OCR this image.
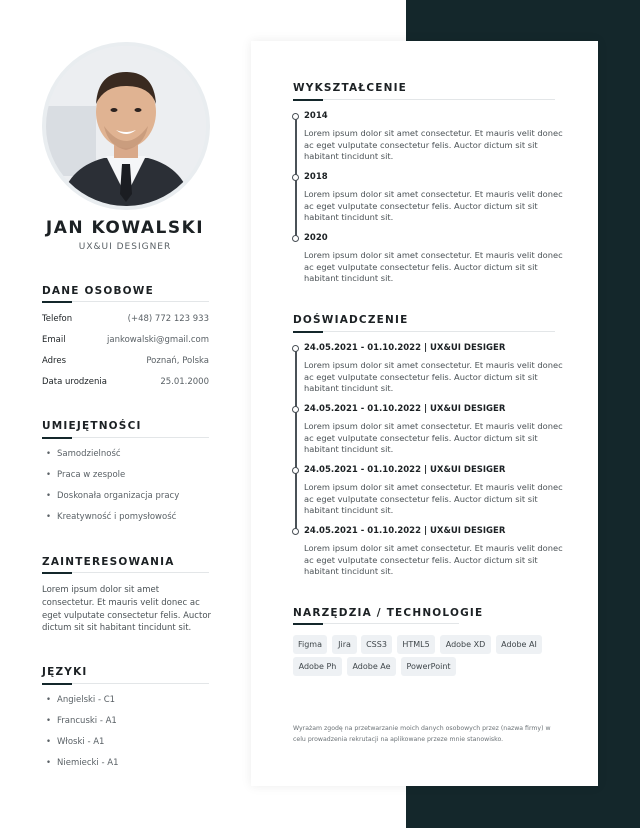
JAN KOWALSKI
UX&UI DESIGNER
DANE OSOBOWE
Telefon	(+48) 772 123 933
Email	jankowalski@gmail.com
Adres	Poznań, Polska
Data urodzenia	25.01.2000
UMIEJĘTNOŚCI
• Samodzielność
• Praca w zespole
• Doskonała organizacja pracy
• Kreatywność i pomysłowość
ZAINTERESOWANIA
Lorem ipsum dolor sit amet consectetur. Et mauris velit donec ac eget vulputate consectetur felis. Auctor dictum sit sit habitant tincidunt sit.
JĘZYKI
• Angielski - C1
• Francuski - A1
• Włoski - A1
• Niemiecki - A1
WYKSZTAŁCENIE
2014
Lorem ipsum dolor sit amet consectetur. Et mauris velit donec ac eget vulputate consectetur felis. Auctor dictum sit sit habitant tincidunt sit.
2018
Lorem ipsum dolor sit amet consectetur. Et mauris velit donec ac eget vulputate consectetur felis. Auctor dictum sit sit habitant tincidunt sit.
2020
Lorem ipsum dolor sit amet consectetur. Et mauris velit donec ac eget vulputate consectetur felis. Auctor dictum sit sit habitant tincidunt sit.
DOŚWIADCZENIE
24.05.2021 - 01.10.2022 | UX&UI DESIGER
Lorem ipsum dolor sit amet consectetur. Et mauris velit donec ac eget vulputate consectetur felis. Auctor dictum sit sit habitant tincidunt sit.
24.05.2021 - 01.10.2022 | UX&UI DESIGER
Lorem ipsum dolor sit amet consectetur. Et mauris velit donec ac eget vulputate consectetur felis. Auctor dictum sit sit habitant tincidunt sit.
24.05.2021 - 01.10.2022 | UX&UI DESIGER
Lorem ipsum dolor sit amet consectetur. Et mauris velit donec ac eget vulputate consectetur felis. Auctor dictum sit sit habitant tincidunt sit.
24.05.2021 - 01.10.2022 | UX&UI DESIGER
Lorem ipsum dolor sit amet consectetur. Et mauris velit donec ac eget vulputate consectetur felis. Auctor dictum sit sit habitant tincidunt sit.
NARZĘDZIA / TECHNOLOGIE
Figma	Jira	CSS3	HTML5	Adobe XD	Adobe AI
Adobe Ph	Adobe Ae	PowerPoint
Wyrażam zgodę na przetwarzanie moich danych osobowych przez (nazwa firmy) w celu prowadzenia rekrutacji na aplikowane przeze mnie stanowisko.
